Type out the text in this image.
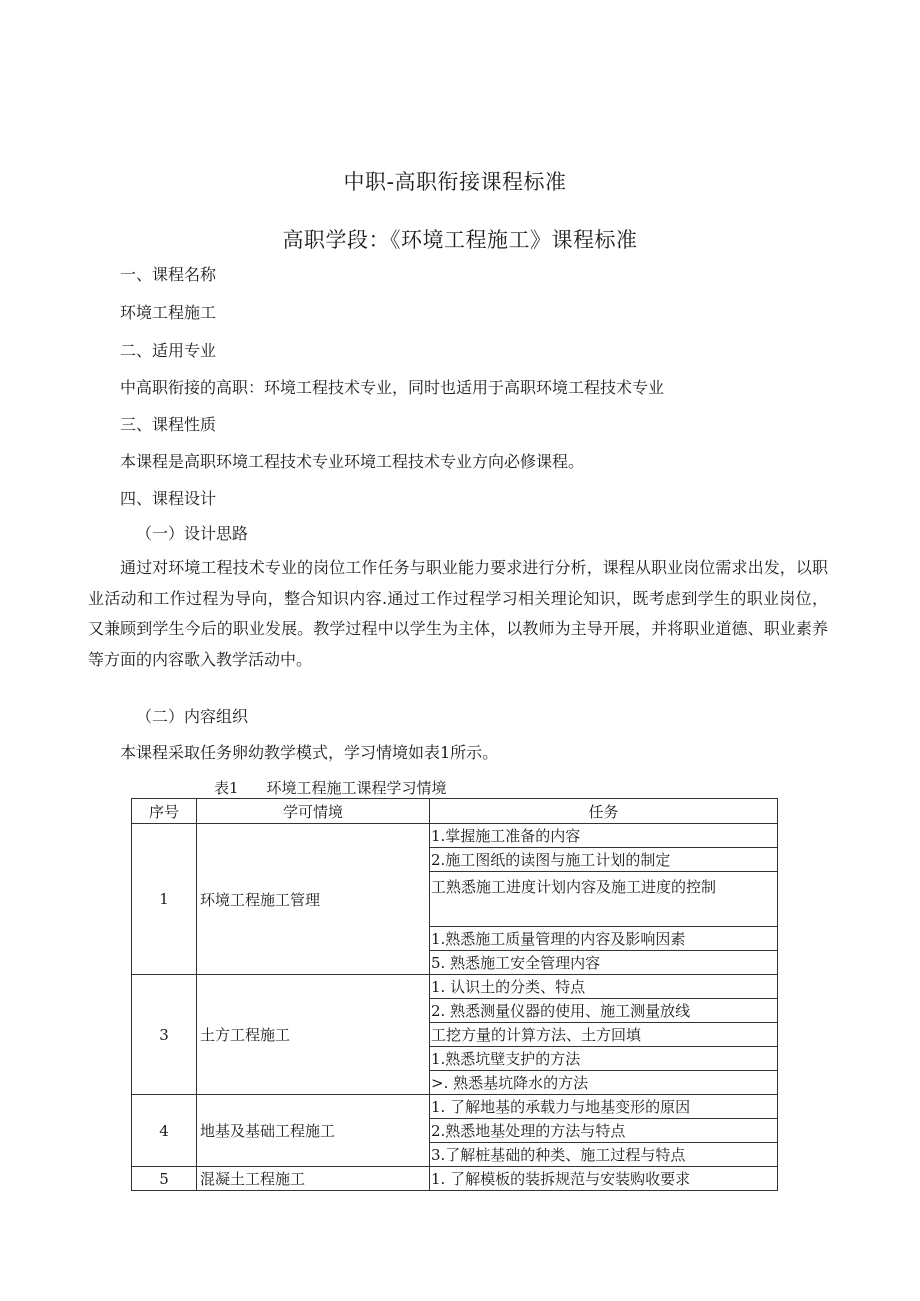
中职-高职衔接课程标准
高职学段：《环境工程施工》课程标准
一、课程名称
环境工程施工
二、适用专业
中高职衔接的高职：环境工程技术专业，同时也适用于高职环境工程技术专业
三、课程性质
本课程是高职环境工程技术专业环境工程技术专业方向必修课程。
四、课程设计
（一）设计思路
通过对环境工程技术专业的岗位工作任务与职业能力要求进行分析，课程从职业岗位需求出发，以职业活动和工作过程为导向，整合知识内容.通过工作过程学习相关理论知识，既考虑到学生的职业岗位，又兼顾到学生今后的职业发展。教学过程中以学生为主体，以教师为主导开展，并将职业道德、职业素养等方面的内容歌入教学活动中。
（二）内容组织
本课程采取任务卵幼教学模式，学习情境如表1所示。
表1 环境工程施工课程学习情境
序号	学可情境	任务
1	环境工程施工管理	1.掌握施工准备的内容
		2.施工图纸的读图与施工计划的制定
		工熟悉施工进度计划内容及施工进度的控制
		1.熟悉施工质量管理的内容及影响因素
		5. 熟悉施工安全管理内容
3	土方工程施工	1. 认识土的分类、特点
		2. 熟悉测量仪器的使用、施工测量放线
		工挖方量的计算方法、土方回填
		1.熟悉坑壁支护的方法
		>. 熟悉基坑降水的方法
4	地基及基础工程施工	1. 了解地基的承载力与地基变形的原因
		2.熟悉地基处理的方法与特点
		3.了解桩基础的种类、施工过程与特点
5	混凝土工程施工	1. 了解模板的装拆规范与安装购收要求
